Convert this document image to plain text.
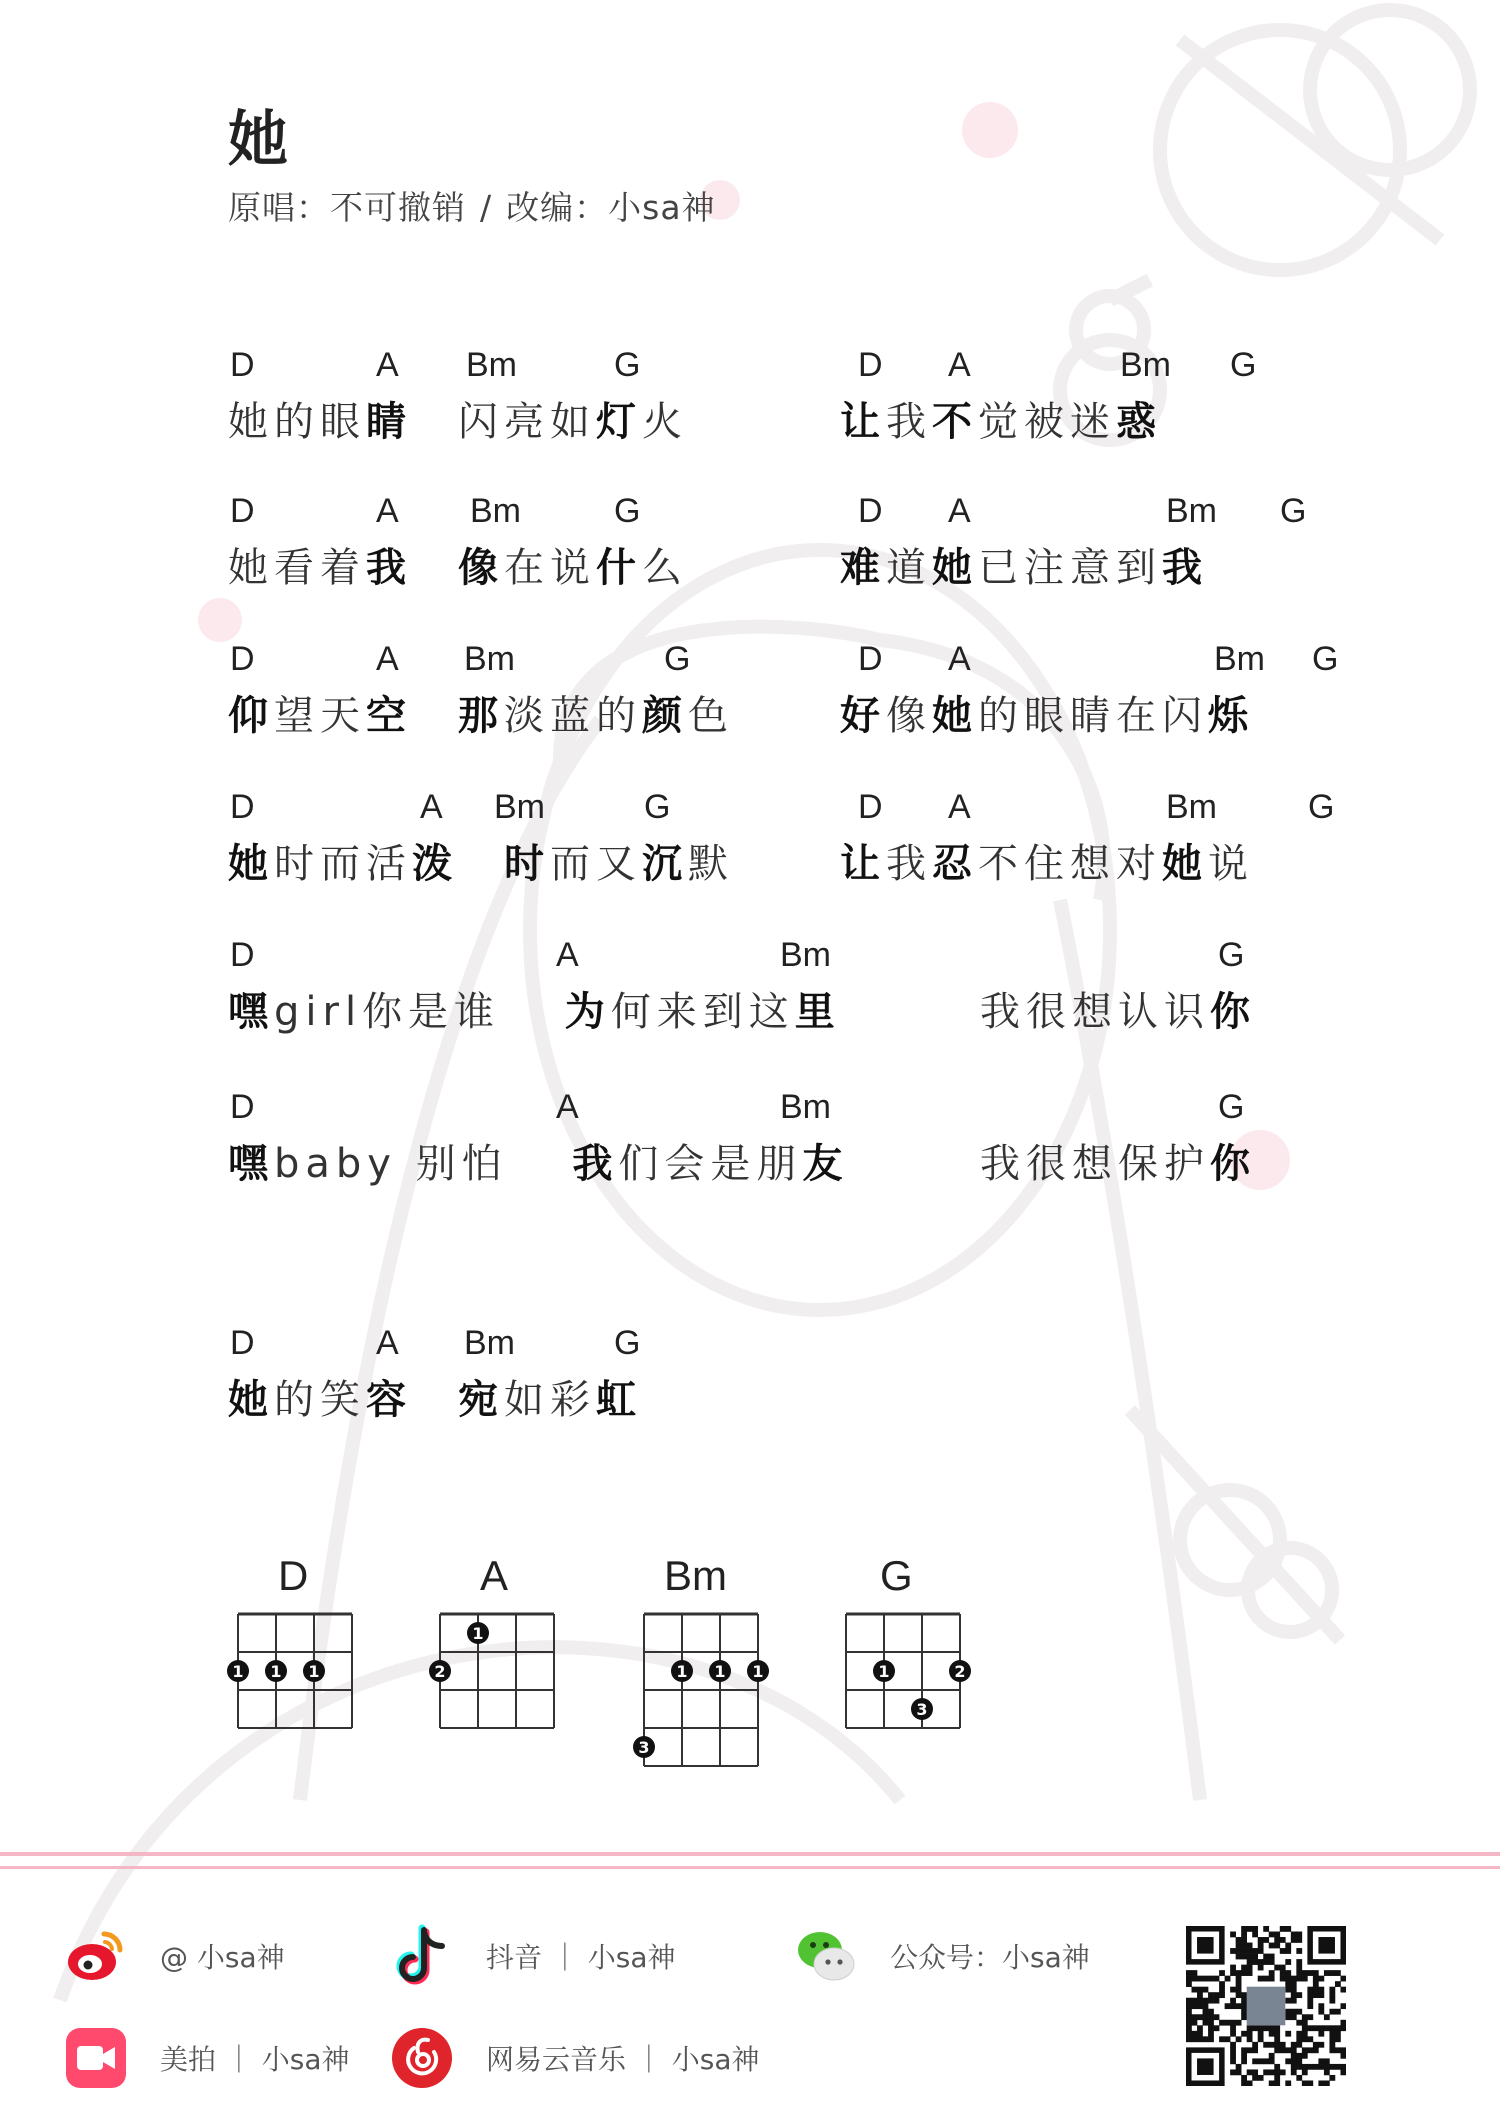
她
原唱：不可撤销 / 改编：小sa神
D	A Bm	G
她的眼睛　 闪亮如灯火
D A	Bm G
让我不觉被迷惑
D	A Bm	G
她看着我　 像在说什么
D A	Bm G
难道她已注意到我
D	A Bm	G
仰望天空　 那淡蓝的颜色
D A	Bm G
好像她的眼睛在闪烁
D	A Bm	G
她时而活泼　 时而又沉默
D A	Bm	G
让我忍不住想对她说
D	A	Bm	G
嘿girl你是谁　 为何来到这里	我很想认识你
D	A	Bm	G
嘿baby 别怕　 我们会是朋友	我很想保护你
D	A Bm	G
她的笑容　 宛如彩虹
D
1 1 1
A
2
1
Bm
3
1 1 1
G
1
3
2
@ 小sa神	抖音 ｜ 小sa神	公众号：小sa神
美拍 ｜ 小sa神	网易云音乐 ｜ 小sa神
